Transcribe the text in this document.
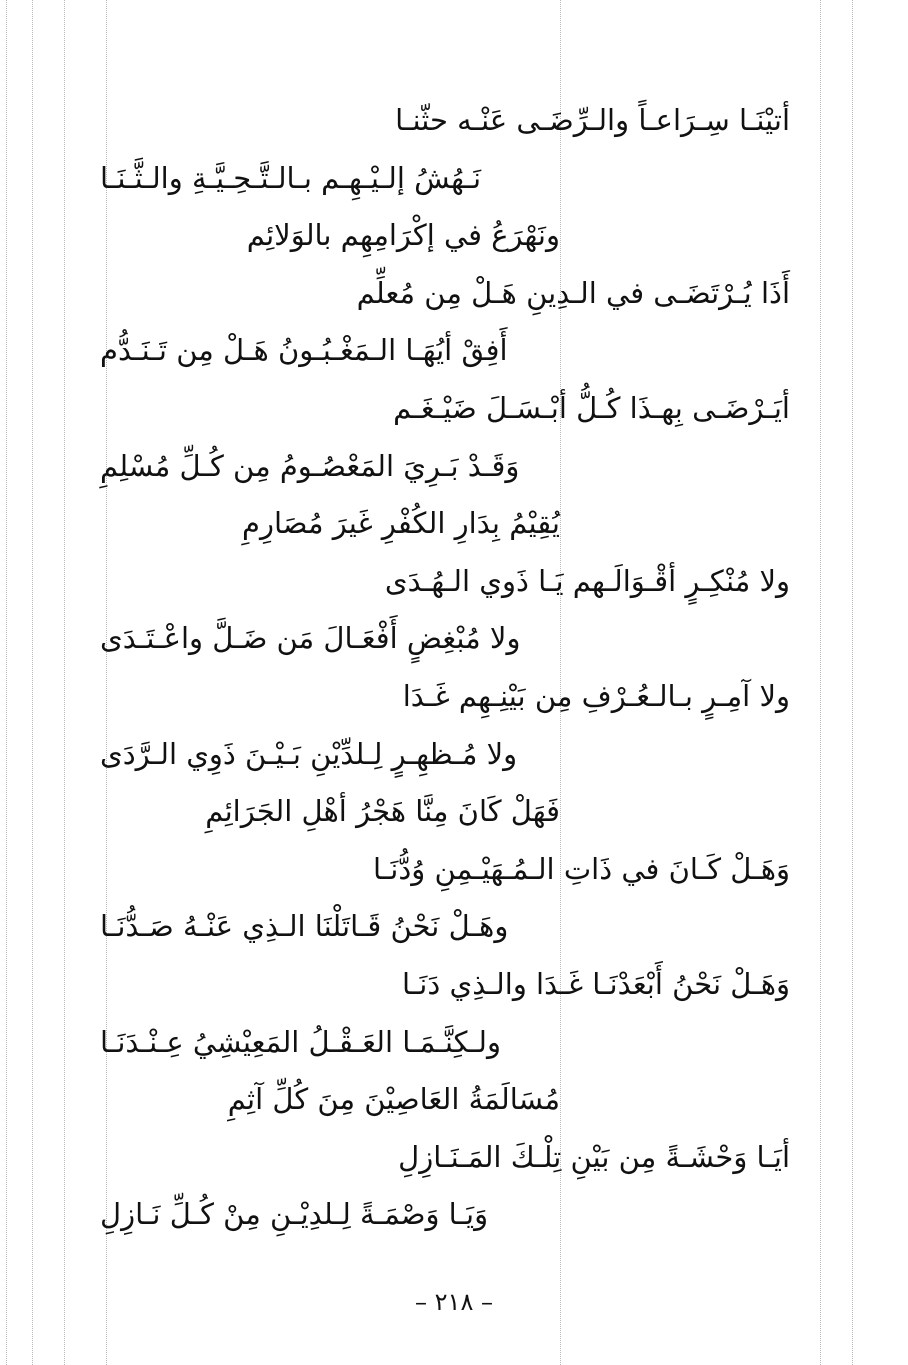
أتيْنَـا سِـرَاعـاً والـرِّضَـى عَنْـه حثّنـا
نَـهُشُ إلـيْـهِـم بـالـتَّـحِـيَّـةِ والـثَّـنَـا
ونَهْرَعُ في إكْرَامِهِم بالوَلائِم
أَذَا يُـرْتَضَـى في الـدِينِ هَـلْ مِن مُعلِّم
أَفِقْ أيُهَـا الـمَغْـبُـونُ هَـلْ مِن تَـنَـدُّم
أيَـرْضَـى بِهـذَا كُـلُّ أبْـسَـلَ ضَيْـغَـم
وَقَـدْ بَـرِيَ المَعْصُـومُ مِن كُـلِّ مُسْلِمِ
يُقِيْمُ بِدَارِ الكُفْرِ غَيرَ مُصَارِمِ
ولا مُنْكِـرٍ أقْـوَالَـهم يَـا ذَوي الـهُـدَى
ولا مُبْغِضٍ أَفْعَـالَ مَن ضَـلَّ واعْـتَـدَى
ولا آمِـرٍ بـالـعُـرْفِ مِن بَيْنِـهِم غَـدَا
ولا مُـظهِـرٍ لِـلدِّيْنِ بَـيْـنَ ذَوِي الـرَّدَى
فَهَلْ كَانَ مِنَّا هَجْرُ أهْلِ الجَرَائِمِ
وَهَـلْ كَـانَ في ذَاتِ الـمُـهَيْـمِنِ وُدُّنَـا
وهَـلْ نَحْنُ قَـاتَلْنَا الـذِي عَنْـهُ صَـدُّنَـا
وَهَـلْ نَحْنُ أَبْعَدْنَـا غَـدَا والـذِي دَنَـا
ولـكِنَّـمَـا العَـقْـلُ المَعِيْشِيُ عِـنْـدَنَـا
مُسَالَمَةُ العَاصِيْنَ مِنَ كُلِّ آثِمِ
أيَـا وَحْشَـةً مِن بَيْنِ تِلْـكَ المَـنَـازِلِ
وَيَـا وَصْمَـةً لِـلدِيْـنِ مِنْ كُـلِّ نَـازِلِ
– ٢١٨ –
